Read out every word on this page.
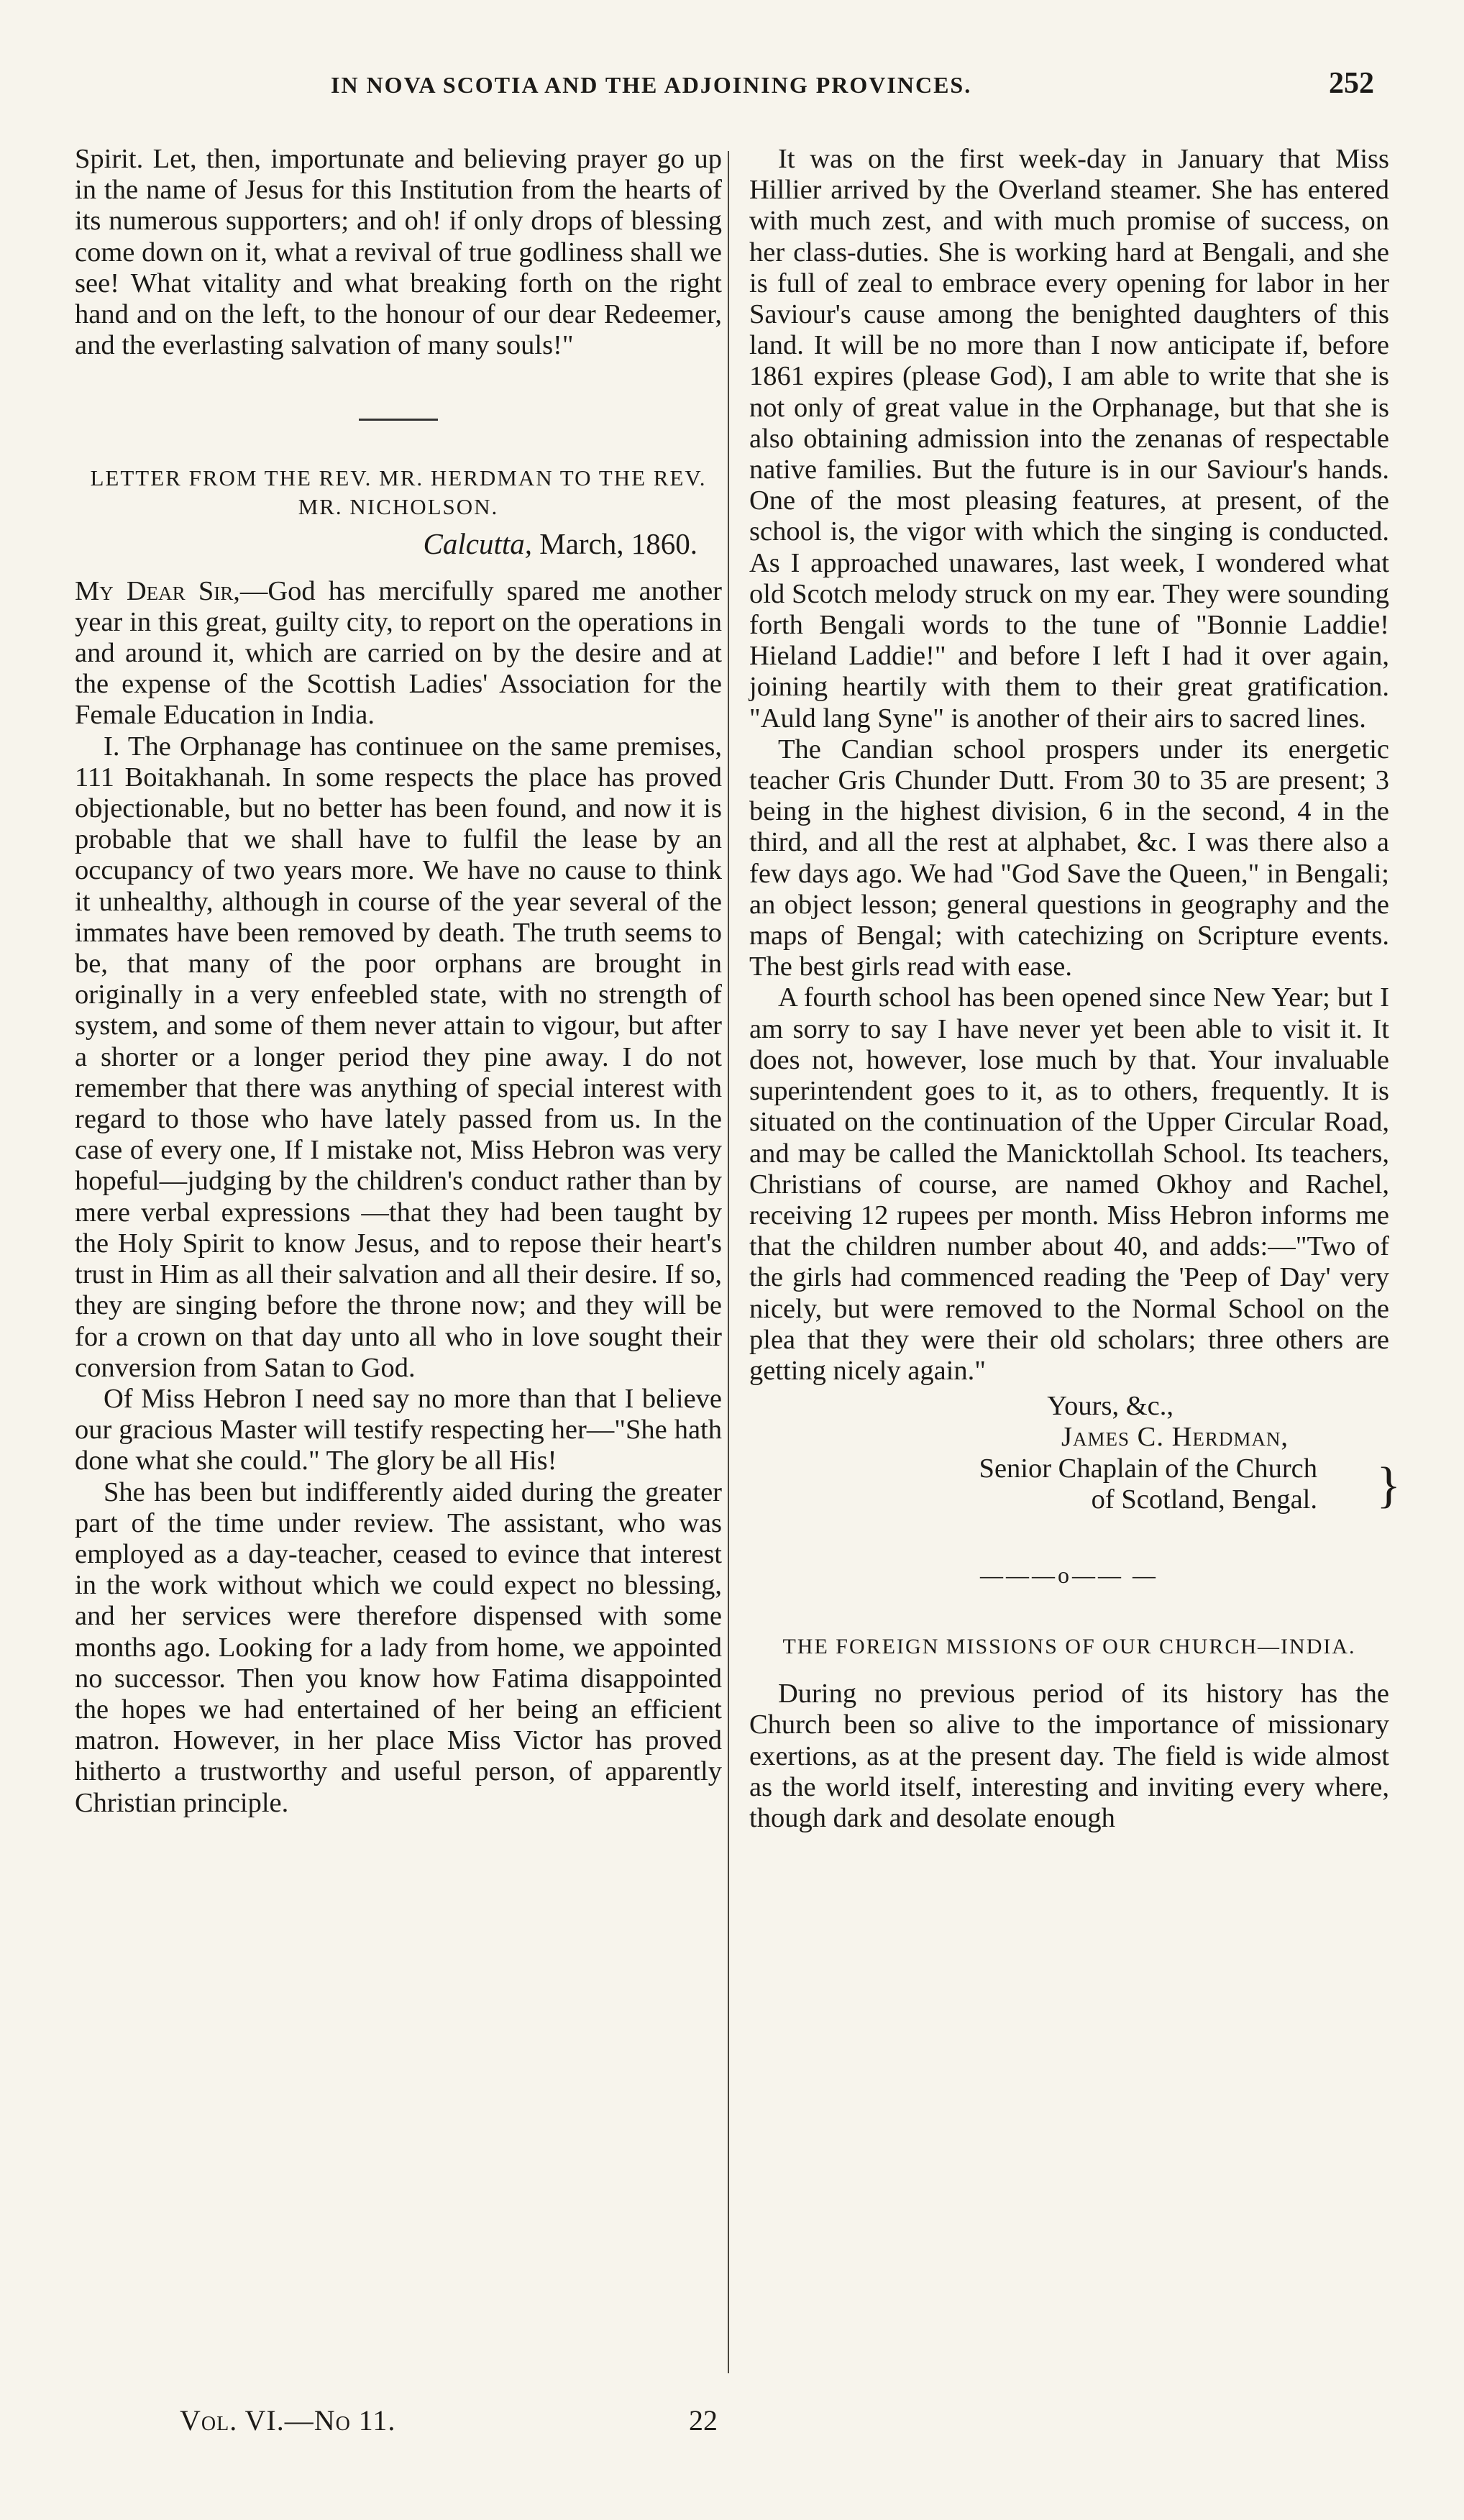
IN NOVA SCOTIA AND THE ADJOINING PROVINCES.	252

Spirit. Let, then, importunate and believing prayer go up in the name of Jesus for this Institution from the hearts of its numerous supporters; and oh! if only drops of blessing come down on it, what a revival of true godliness shall we see! What vitality and what breaking forth on the right hand and on the left, to the honour of our dear Redeemer, and the everlasting salvation of many souls!"

LETTER FROM THE REV. MR. HERDMAN TO THE REV. MR. NICHOLSON.
Calcutta, March, 1860.

My Dear Sir,—God has mercifully spared me another year in this great, guilty city, to report on the operations in and around it, which are carried on by the desire and at the expense of the Scottish Ladies' Association for the Female Education in India.

I. The Orphanage has continuee on the same premises, 111 Boitakhanah. In some respects the place has proved objectionable, but no better has been found, and now it is probable that we shall have to fulfil the lease by an occupancy of two years more. We have no cause to think it unhealthy, although in course of the year several of the immates have been removed by death. The truth seems to be, that many of the poor orphans are brought in originally in a very enfeebled state, with no strength of system, and some of them never attain to vigour, but after a shorter or a longer period they pine away. I do not remember that there was anything of special interest with regard to those who have lately passed from us. In the case of every one, If I mistake not, Miss Hebron was very hopeful—judging by the children's conduct rather than by mere verbal expressions —that they had been taught by the Holy Spirit to know Jesus, and to repose their heart's trust in Him as all their salvation and all their desire. If so, they are singing before the throne now; and they will be for a crown on that day unto all who in love sought their conversion from Satan to God.

Of Miss Hebron I need say no more than that I believe our gracious Master will testify respecting her—"She hath done what she could." The glory be all His!

She has been but indifferently aided during the greater part of the time under review. The assistant, who was employed as a day-teacher, ceased to evince that interest in the work without which we could expect no blessing, and her services were therefore dispensed with some months ago. Looking for a lady from home, we appointed no successor. Then you know how Fatima disappointed the hopes we had entertained of her being an efficient matron. However, in her place Miss Victor has proved hitherto a trustworthy and useful person, of apparently Christian principle.

It was on the first week-day in January that Miss Hillier arrived by the Overland steamer. She has entered with much zest, and with much promise of success, on her class-duties. She is working hard at Bengali, and she is full of zeal to embrace every opening for labor in her Saviour's cause among the benighted daughters of this land. It will be no more than I now anticipate if, before 1861 expires (please God), I am able to write that she is not only of great value in the Orphanage, but that she is also obtaining admission into the zenanas of respectable native families. But the future is in our Saviour's hands. One of the most pleasing features, at present, of the school is, the vigor with which the singing is conducted. As I approached unawares, last week, I wondered what old Scotch melody struck on my ear. They were sounding forth Bengali words to the tune of "Bonnie Laddie! Hieland Laddie!" and before I left I had it over again, joining heartily with them to their great gratification. "Auld lang Syne" is another of their airs to sacred lines.

The Candian school prospers under its energetic teacher Gris Chunder Dutt. From 30 to 35 are present; 3 being in the highest division, 6 in the second, 4 in the third, and all the rest at alphabet, &c. I was there also a few days ago. We had "God Save the Queen," in Bengali; an object lesson; general questions in geography and the maps of Bengal; with catechizing on Scripture events. The best girls read with ease.

A fourth school has been opened since New Year; but I am sorry to say I have never yet been able to visit it. It does not, however, lose much by that. Your invaluable superintendent goes to it, as to others, frequently. It is situated on the continuation of the Upper Circular Road, and may be called the Manicktollah School. Its teachers, Christians of course, are named Okhoy and Rachel, receiving 12 rupees per month. Miss Hebron informs me that the children number about 40, and adds:—"Two of the girls had commenced reading the 'Peep of Day' very nicely, but were removed to the Normal School on the plea that they were their old scholars; three others are getting nicely again."

Yours, &c.,
James C. Herdman,
Senior Chaplain of the Church
of Scotland, Bengal.	}
———o—— —
THE FOREIGN MISSIONS OF OUR CHURCH—INDIA.

During no previous period of its history has the Church been so alive to the importance of missionary exertions, as at the present day. The field is wide almost as the world itself, interesting and inviting every where, though dark and desolate enough

Vol. VI.—No 11.	22
